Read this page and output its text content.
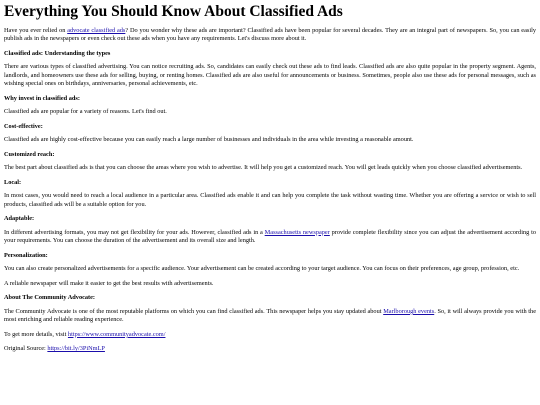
Everything You Should Know About Classified Ads

Have you ever relied on advocate classified ads? Do you wonder why these ads are important? Classified ads have been popular for several decades. They are an integral part of newspapers. So, you can easily publish ads in the newspapers or even check out these ads when you have any requirements. Let's discuss more about it.

Classified ads: Understanding the types

There are various types of classified advertising. You can notice recruiting ads. So, candidates can easily check out these ads to find leads. Classified ads are also quite popular in the property segment. Agents, landlords, and homeowners use these ads for selling, buying, or renting homes. Classified ads are also useful for announcements or business. Sometimes, people also use these ads for personal messages, such as wishing special ones on birthdays, anniversaries, personal achievements, etc.

Why invest in classified ads:

Classified ads are popular for a variety of reasons. Let's find out.

Cost-effective:

Classified ads are highly cost-effective because you can easily reach a large number of businesses and individuals in the area while investing a reasonable amount.

Customized reach:

The best part about classified ads is that you can choose the areas where you wish to advertise. It will help you get a customized reach. You will get leads quickly when you choose classified advertisements.

Local:

In most cases, you would need to reach a local audience in a particular area. Classified ads enable it and can help you complete the task without wasting time. Whether you are offering a service or wish to sell products, classified ads will be a suitable option for you.

Adaptable:

In different advertising formats, you may not get flexibility for your ads. However, classified ads in a Massachusetts newspaper provide complete flexibility since you can adjust the advertisement according to your requirements. You can choose the duration of the advertisement and its overall size and length.

Personalization:

You can also create personalized advertisements for a specific audience. Your advertisement can be created according to your target audience. You can focus on their preferences, age group, profession, etc.

A reliable newspaper will make it easier to get the best results with advertisements.

About The Community Advocate:

The Community Advocate is one of the most reputable platforms on which you can find classified ads. This newspaper helps you stay updated about Marlborough events. So, it will always provide you with the most enriching and reliable reading experience.

To get more details, visit https://www.communityadvocate.com/

Original Source: https://bit.ly/3PiNmLP
